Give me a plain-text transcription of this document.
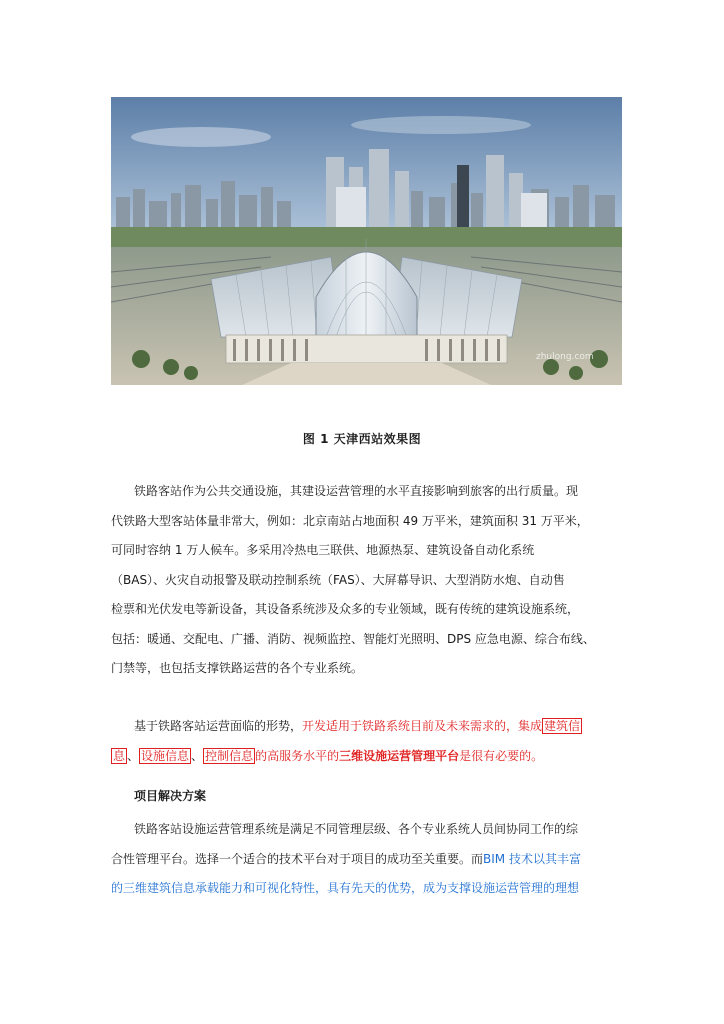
zhulong.com
图 1 天津西站效果图
铁路客站作为公共交通设施，其建设运营管理的水平直接影响到旅客的出行质量。现
代铁路大型客站体量非常大，例如：北京南站占地面积 49 万平米，建筑面积 31 万平米，
可同时容纳 1 万人候车。多采用冷热电三联供、地源热泵、建筑设备自动化系统
（BAS）、火灾自动报警及联动控制系统（FAS）、大屏幕导识、大型消防水炮、自动售
检票和光伏发电等新设备，其设备系统涉及众多的专业领域，既有传统的建筑设施系统，
包括：暖通、交配电、广播、消防、视频监控、智能灯光照明、DPS 应急电源、综合布线、
门禁等，也包括支撑铁路运营的各个专业系统。
基于铁路客站运营面临的形势，开发适用于铁路系统目前及未来需求的，集成 建筑信
息 、 设施信息 、 控制信息 的高服务水平的三维设施运营管理平台是很有必要的。
项目解决方案
铁路客站设施运营管理系统是满足不同管理层级、各个专业系统人员间协同工作的综
合性管理平台。选择一个适合的技术平台对于项目的成功至关重要。而BIM 技术以其丰富
的三维建筑信息承载能力和可视化特性，具有先天的优势，成为支撑设施运营管理的理想
